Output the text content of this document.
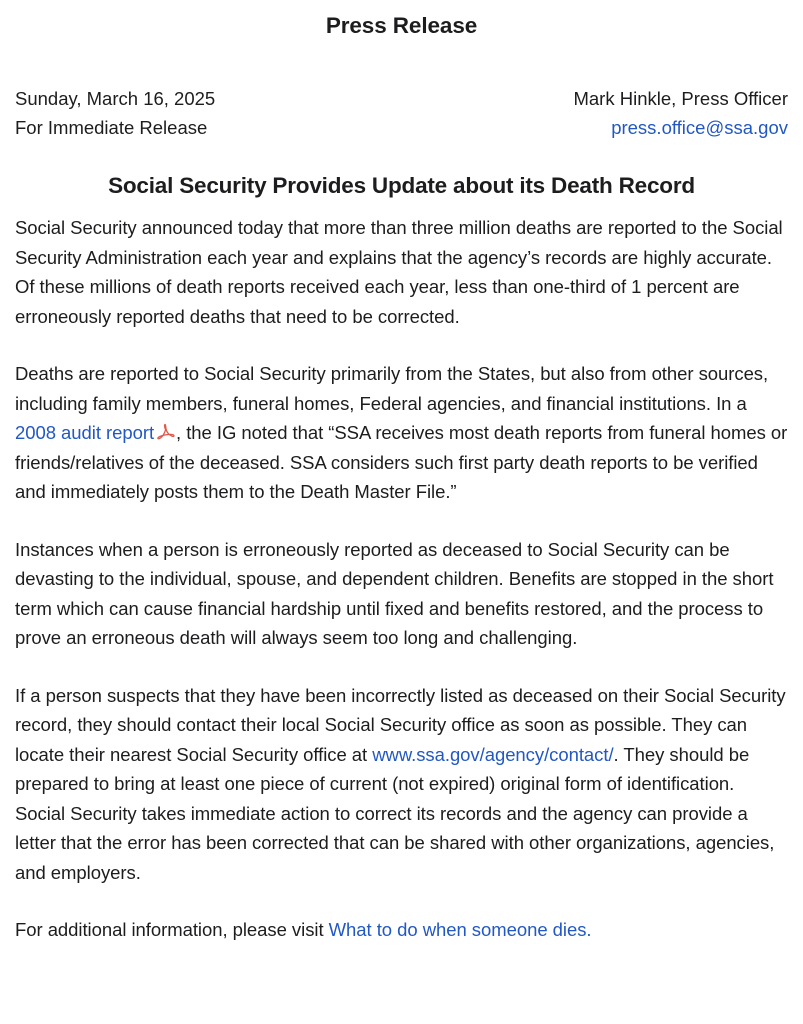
Press Release
Sunday, March 16, 2025
For Immediate Release
Mark Hinkle, Press Officer
press.office@ssa.gov
Social Security Provides Update about its Death Record

Social Security announced today that more than three million deaths are reported to the Social Security Administration each year and explains that the agency’s records are highly accurate. Of these millions of death reports received each year, less than one-third of 1 percent are erroneously reported deaths that need to be corrected.

Deaths are reported to Social Security primarily from the States, but also from other sources, including family members, funeral homes, Federal agencies, and financial institutions. In a 2008 audit report , the IG noted that “SSA receives most death reports from funeral homes or friends/relatives of the deceased. SSA considers such first party death reports to be verified and immediately posts them to the Death Master File.”

Instances when a person is erroneously reported as deceased to Social Security can be devasting to the individual, spouse, and dependent children. Benefits are stopped in the short term which can cause financial hardship until fixed and benefits restored, and the process to prove an erroneous death will always seem too long and challenging.

If a person suspects that they have been incorrectly listed as deceased on their Social Security record, they should contact their local Social Security office as soon as possible. They can locate their nearest Social Security office at www.ssa.gov/agency/contact/. They should be prepared to bring at least one piece of current (not expired) original form of identification. Social Security takes immediate action to correct its records and the agency can provide a letter that the error has been corrected that can be shared with other organizations, agencies, and employers.

For additional information, please visit What to do when someone dies.
